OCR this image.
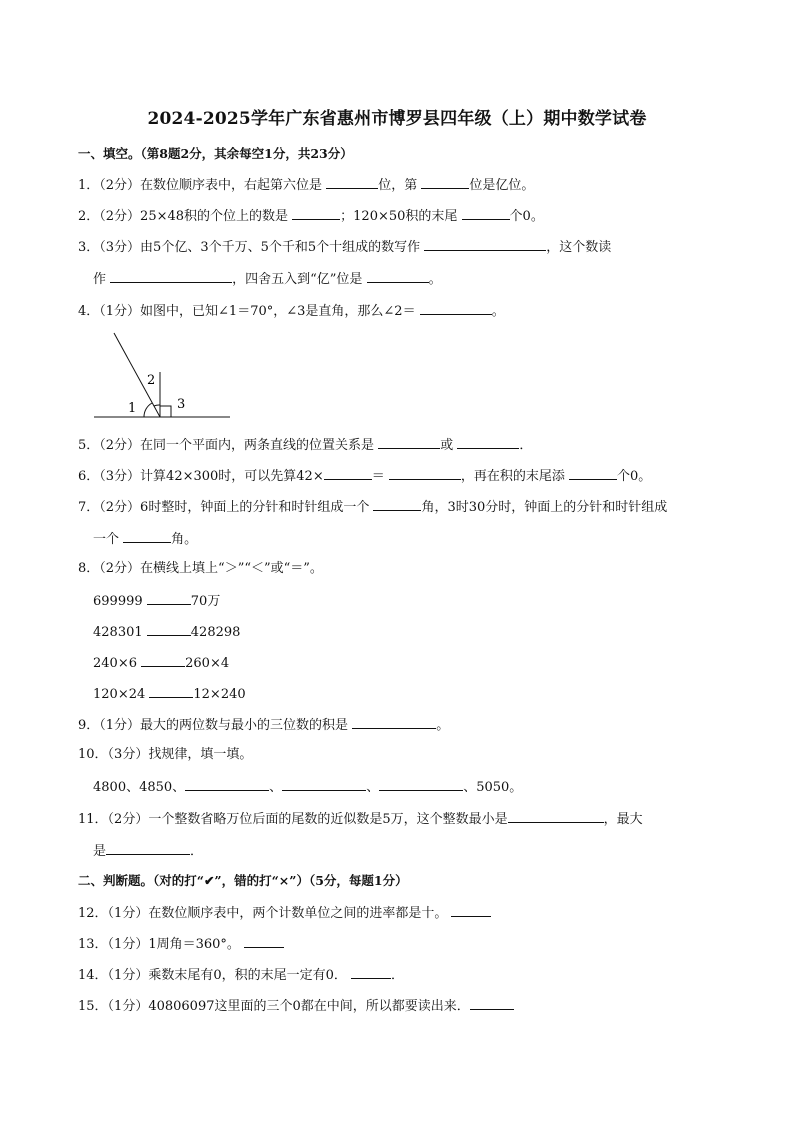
2024-2025学年广东省惠州市博罗县四年级（上）期中数学试卷
一、填空。（第8题2分，其余每空1分，共23分）
1．（2分）在数位顺序表中，右起第六位是	位，第	位是亿位。
2．（2分）25×48积的个位上的数是	；120×50积的末尾	个0。
3．（3分）由5个亿、3个千万、5个千和5个十组成的数写作	，这个数读
作	，四舍五入到“亿”位是	。
4．（1分）如图中，已知∠1＝70°，∠3是直角，那么∠2＝	。
1
2
3
5．（2分）在同一个平面内，两条直线的位置关系是	或	．
6．（3分）计算42×300时，可以先算42×	＝	，再在积的末尾添	个0。
7．（2分）6时整时，钟面上的分针和时针组成一个	角，3时30分时，钟面上的分针和时针组成
一个	角。
8．（2分）在横线上填上“＞”“＜”或“＝”。
699999	70万
428301	428298
240×6	260×4
120×24	12×240
9．（1分）最大的两位数与最小的三位数的积是	。
10．（3分）找规律，填一填。
4800、4850、	、	、	、5050。
11．（2分）一个整数省略万位后面的尾数的近似数是5万，这个整数最小是	，最大
是	．
二、判断题。（对的打“✔”，错的打“×”）（5分，每题1分）
12．（1分）在数位顺序表中，两个计数单位之间的进率都是十。
13．（1分）1周角＝360°。
14．（1分）乘数末尾有0，积的末尾一定有0．	．
15．（1分）40806097这里面的三个0都在中间，所以都要读出来．
